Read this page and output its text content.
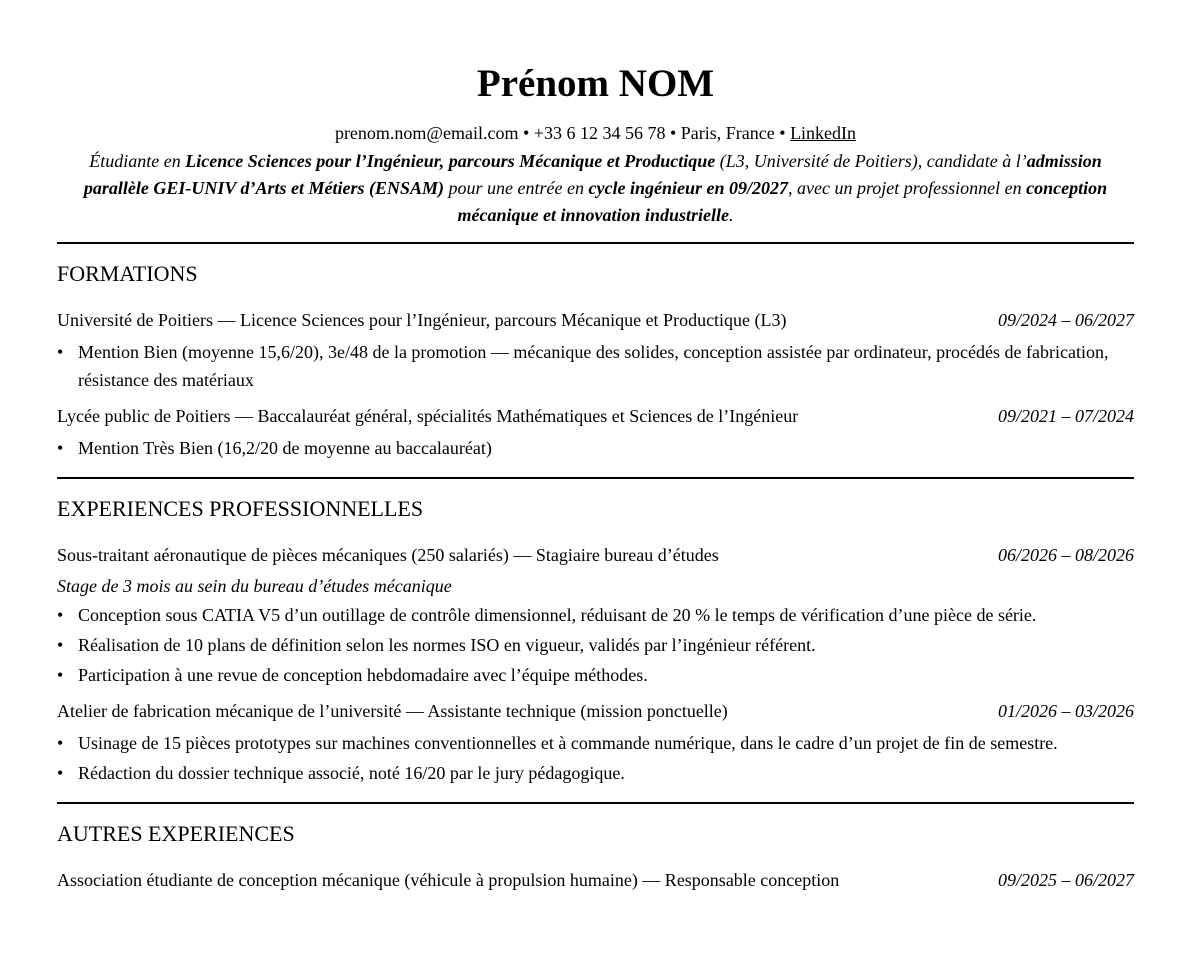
Prénom NOM
prenom.nom@email.com • +33 6 12 34 56 78 • Paris, France • LinkedIn

Étudiante en Licence Sciences pour l’Ingénieur, parcours Mécanique et Productique (L3, Université de Poitiers), candidate à l’admission parallèle GEI-UNIV d’Arts et Métiers (ENSAM) pour une entrée en cycle ingénieur en 09/2027, avec un projet professionnel en conception mécanique et innovation industrielle.

FORMATIONS
Université de Poitiers — Licence Sciences pour l’Ingénieur, parcours Mécanique et Productique (L3)	09/2024 – 06/2027
• Mention Bien (moyenne 15,6/20), 3e/48 de la promotion — mécanique des solides, conception assistée par ordinateur, procédés de fabrication, résistance des matériaux
Lycée public de Poitiers — Baccalauréat général, spécialités Mathématiques et Sciences de l’Ingénieur	09/2021 – 07/2024
• Mention Très Bien (16,2/20 de moyenne au baccalauréat)
EXPERIENCES PROFESSIONNELLES
Sous-traitant aéronautique de pièces mécaniques (250 salariés) — Stagiaire bureau d’études	06/2026 – 08/2026
Stage de 3 mois au sein du bureau d’études mécanique
• Conception sous CATIA V5 d’un outillage de contrôle dimensionnel, réduisant de 20 % le temps de vérification d’une pièce de série.
• Réalisation de 10 plans de définition selon les normes ISO en vigueur, validés par l’ingénieur référent.
• Participation à une revue de conception hebdomadaire avec l’équipe méthodes.
Atelier de fabrication mécanique de l’université — Assistante technique (mission ponctuelle)	01/2026 – 03/2026
• Usinage de 15 pièces prototypes sur machines conventionnelles et à commande numérique, dans le cadre d’un projet de fin de semestre.
• Rédaction du dossier technique associé, noté 16/20 par le jury pédagogique.
AUTRES EXPERIENCES
Association étudiante de conception mécanique (véhicule à propulsion humaine) — Responsable conception	09/2025 – 06/2027
